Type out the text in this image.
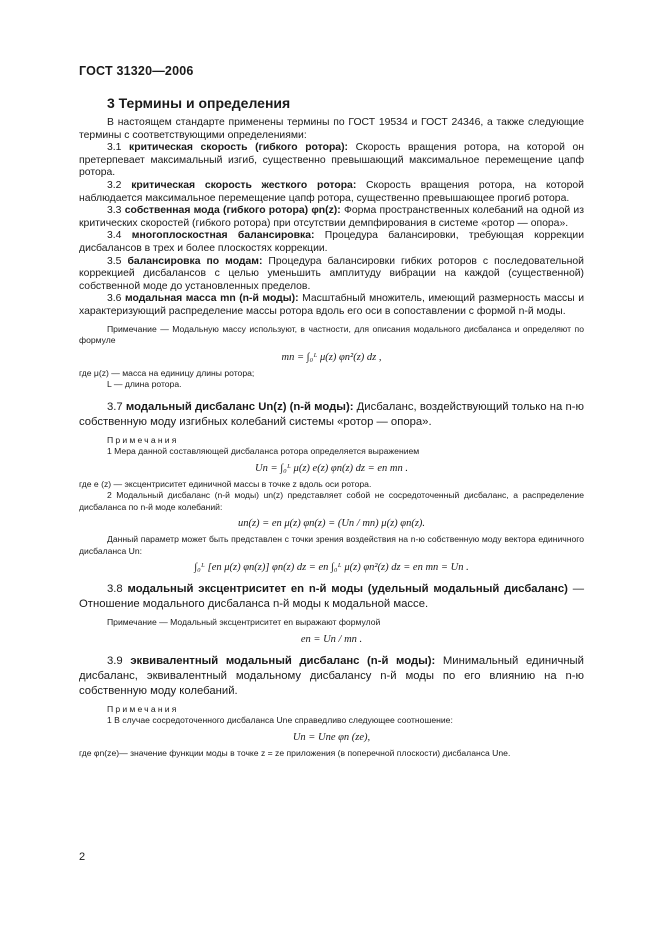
ГОСТ 31320—2006
3 Термины и определения

В настоящем стандарте применены термины по ГОСТ 19534 и ГОСТ 24346, а также следующие термины с соответствующими определениями:

3.1 критическая скорость (гибкого ротора): Скорость вращения ротора, на которой он претерпевает максимальный изгиб, существенно превышающий максимальное перемещение цапф ротора.

3.2 критическая скорость жесткого ротора: Скорость вращения ротора, на которой наблюдается максимальное перемещение цапф ротора, существенно превышающее прогиб ротора.

3.3 собственная мода (гибкого ротора) φn(z): Форма пространственных колебаний на одной из критических скоростей (гибкого ротора) при отсутствии демпфирования в системе «ротор — опора».

3.4 многоплоскостная балансировка: Процедура балансировки, требующая коррекции дисбалансов в трех и более плоскостях коррекции.

3.5 балансировка по модам: Процедура балансировки гибких роторов с последовательной коррекцией дисбалансов с целью уменьшить амплитуду вибрации на каждой (существенной) собственной моде до установленных пределов.

3.6 модальная масса mn (n-й моды): Масштабный множитель, имеющий размерность массы и характеризующий распределение массы ротора вдоль его оси в сопоставлении с формой n-й моды.

Примечание — Модальную массу используют, в частности, для описания модального дисбаланса и определяют по формуле

mn = ∫₀ᴸ μ(z) φn²(z) dz ,

где μ(z) — масса на единицу длины ротора;

L — длина ротора.

3.7 модальный дисбаланс Un(z) (n-й моды): Дисбаланс, воздействующий только на n-ю собственную моду изгибных колебаний системы «ротор — опора».

Примечания

1 Мера данной составляющей дисбаланса ротора определяется выражением

Un = ∫₀ᴸ μ(z) e(z) φn(z) dz = en mn .

где e (z) — эксцентриситет единичной массы в точке z вдоль оси ротора.

2 Модальный дисбаланс (n-й моды) un(z) представляет собой не сосредоточенный дисбаланс, а распределение дисбаланса по n-й моде колебаний:

un(z) = en μ(z) φn(z) = (Un / mn) μ(z) φn(z).

Данный параметр может быть представлен с точки зрения воздействия на n-ю собственную моду вектора единичного дисбаланса Un:

∫₀ᴸ [en μ(z) φn(z)] φn(z) dz = en ∫₀ᴸ μ(z) φn²(z) dz = en mn = Un .

3.8 модальный эксцентриситет en n-й моды (удельный модальный дисбаланс) — Отношение модального дисбаланса n-й моды к модальной массе.

Примечание — Модальный эксцентриситет en выражают формулой

en = Un / mn .

3.9 эквивалентный модальный дисбаланс (n-й моды): Минимальный единичный дисбаланс, эквивалентный модальному дисбалансу n-й моды по его влиянию на n-ю собственную моду колебаний.

Примечания

1 В случае сосредоточенного дисбаланса Une справедливо следующее соотношение:

Un = Une φn (ze),

где φn(ze)— значение функции моды в точке z = ze приложения (в поперечной плоскости) дисбаланса Une.

2
